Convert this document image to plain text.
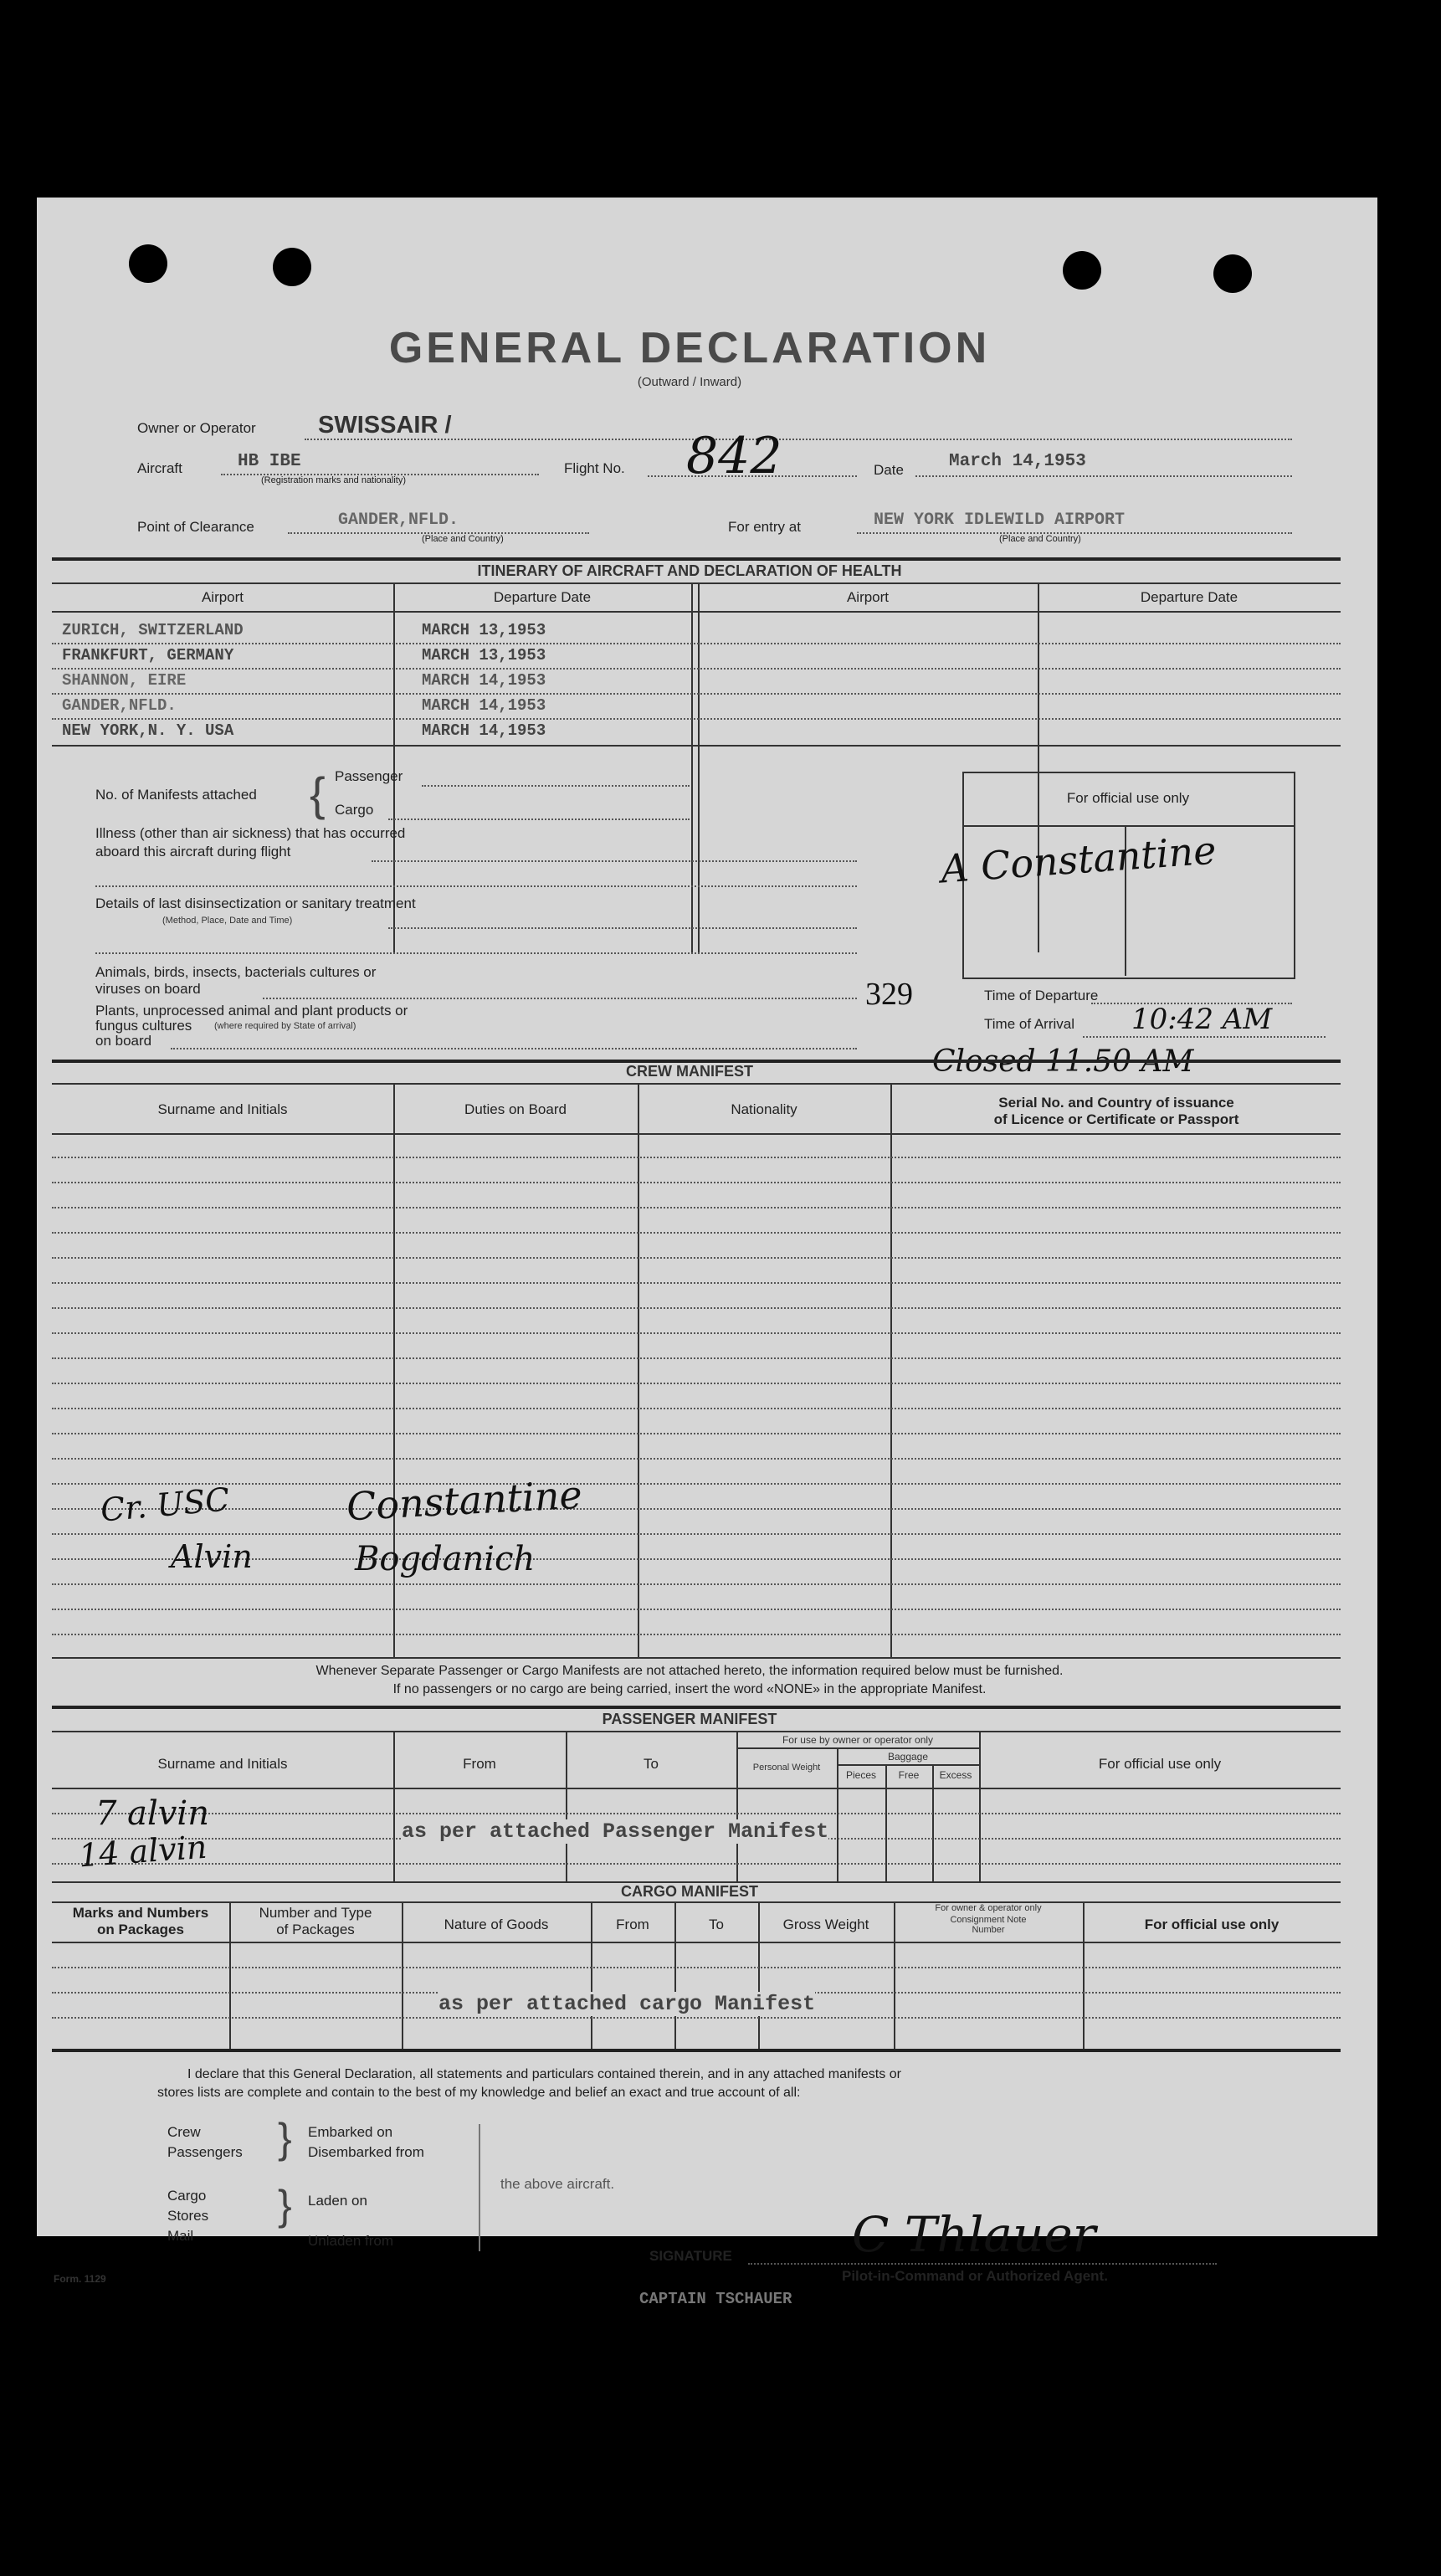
GENERAL DECLARATION
(Outward / Inward)
Owner or Operator	SWISSAIR /
Aircraft	HB IBE
(Registration marks and nationality)
Flight No. 842	Date	March 14,1953
Point of Clearance	GANDER,NFLD.
(Place and Country)
For entry at	NEW YORK IDLEWILD AIRPORT
(Place and Country)
ITINERARY OF AIRCRAFT AND DECLARATION OF HEALTH
Airport	Departure Date	Airport	Departure Date
ZURICH, SWITZERLAND	MARCH 13,1953
FRANKFURT, GERMANY	MARCH 13,1953
SHANNON, EIRE	MARCH 14,1953
GANDER,NFLD.	MARCH 14,1953
NEW YORK,N. Y. USA	MARCH 14,1953
No. of Manifests attached { Passenger
Cargo
Illness (other than air sickness) that has occurred
aboard this aircraft during flight
Details of last disinsectization or sanitary treatment
(Method, Place, Date and Time)
Animals, birds, insects, bacterials cultures or
viruses on board
Plants, unprocessed animal and plant products or
fungus cultures (where required by State of arrival)
on board
For official use only
A Constantine
329	Time of Departure
Time of Arrival 10:42 AM
Closed 11.50 AM
CREW MANIFEST
Surname and Initials	Duties on Board	Nationality	Serial No. and Country of issuance
of Licence or Certificate or Passport
Cr. USC	Constantine
Alvin	Bogdanich
Whenever Separate Passenger or Cargo Manifests are not attached hereto, the information required below must be furnished.
If no passengers or no cargo are being carried, insert the word «NONE» in the appropriate Manifest.
PASSENGER MANIFEST
Surname and Initials	From	To
For use by owner or operator only
Baggage
Personal Weight
Pieces	Free	Excess
For official use only
7 alvin
14 alvin	as per attached Passenger Manifest
CARGO MANIFEST
Marks and Numbers
on Packages
Number and Type
of Packages	Nature of Goods	From	To	Gross Weight
For owner & operator only
Consignment Note
Number	For official use only
as per attached cargo Manifest
I declare that this General Declaration, all statements and particulars contained therein, and in any attached manifests or
stores lists are complete and contain to the best of my knowledge and belief an exact and true account of all:
Crew
Passengers } Embarked on
Disembarked from
Cargo
Stores
Mail
} Laden on
Unladen from
the above aircraft.
SIGNATURE C Thlauer
Pilot-in-Command or Authorized Agent.
CAPTAIN TSCHAUER
Form. 1129
